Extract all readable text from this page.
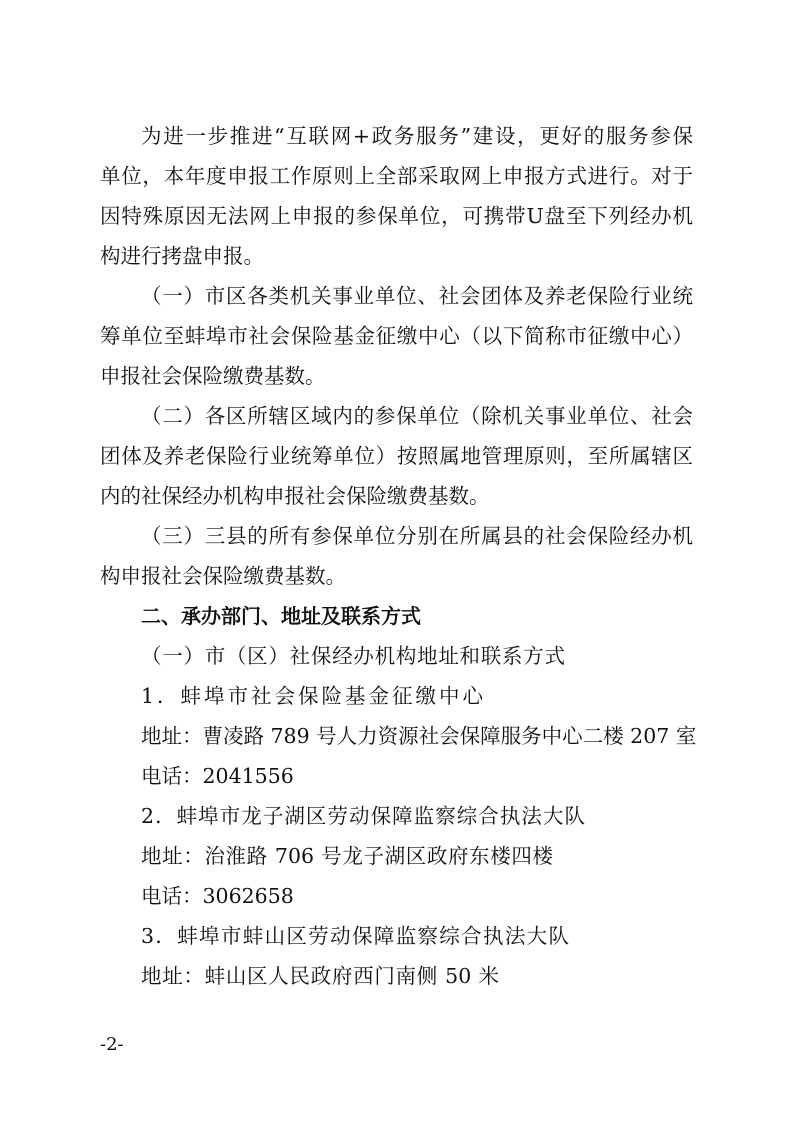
为进一步推进“互联网+政务服务”建设，更好的服务参保
单位，本年度申报工作原则上全部采取网上申报方式进行。对于
因特殊原因无法网上申报的参保单位，可携带U盘至下列经办机
构进行拷盘申报。
（一）市区各类机关事业单位、社会团体及养老保险行业统
筹单位至蚌埠市社会保险基金征缴中心（以下简称市征缴中心）
申报社会保险缴费基数。
（二）各区所辖区域内的参保单位（除机关事业单位、社会
团体及养老保险行业统筹单位）按照属地管理原则，至所属辖区
内的社保经办机构申报社会保险缴费基数。
（三）三县的所有参保单位分别在所属县的社会保险经办机
构申报社会保险缴费基数。
二、承办部门、地址及联系方式
（一）市（区）社保经办机构地址和联系方式
1．蚌埠市社会保险基金征缴中心
地址：曹凌路 789 号人力资源社会保障服务中心二楼 207 室
电话：2041556
2．蚌埠市龙子湖区劳动保障监察综合执法大队
地址：治淮路 706 号龙子湖区政府东楼四楼
电话：3062658
3．蚌埠市蚌山区劳动保障监察综合执法大队
地址：蚌山区人民政府西门南侧 50 米
-2-
